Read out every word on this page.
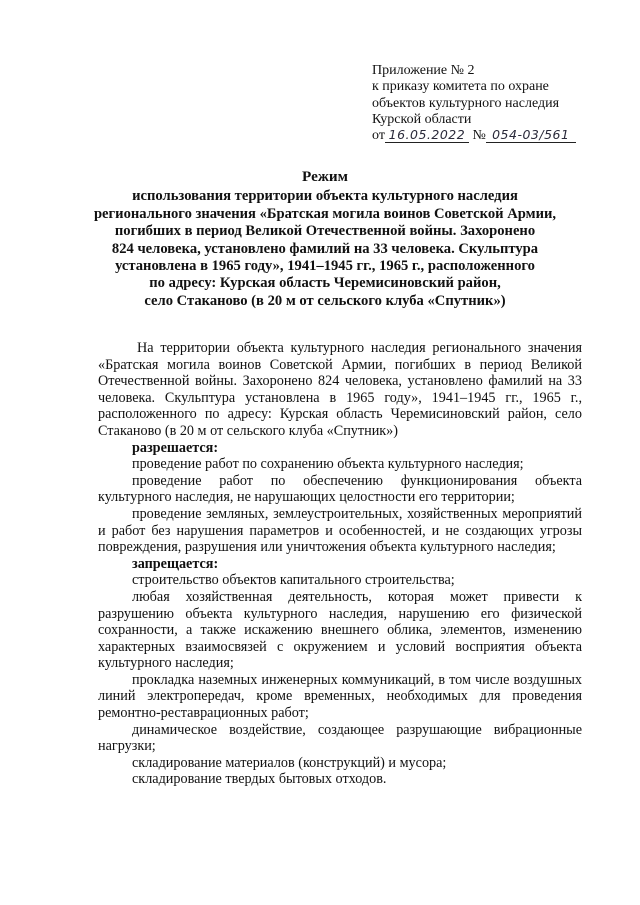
Приложение № 2
к приказу комитета по охране
объектов культурного наследия
Курской области
от 16.05.2022 № 054-03/561
Режим
использования территории объекта культурного наследия
регионального значения «Братская могила воинов Советской Армии,
погибших в период Великой Отечественной войны. Захоронено
824 человека, установлено фамилий на 33 человека. Скульптура
установлена в 1965 году», 1941–1945 гг., 1965 г., расположенного
по адресу: Курская область Черемисиновский район,
село Стаканово (в 20 м от сельского клуба «Спутник»)

На территории объекта культурного наследия регионального значения «Братская могила воинов Советской Армии, погибших в период Великой Отечественной войны. Захоронено 824 человека, установлено фамилий на 33 человека. Скульптура установлена в 1965 году», 1941–1945 гг., 1965 г., расположенного по адресу: Курская область Черемисиновский район, село Стаканово (в 20 м от сельского клуба «Спутник»)

разрешается:

проведение работ по сохранению объекта культурного наследия;

проведение работ по обеспечению функционирования объекта культурного наследия, не нарушающих целостности его территории;

проведение земляных, землеустроительных, хозяйственных мероприятий и работ без нарушения параметров и особенностей, и не создающих угрозы повреждения, разрушения или уничтожения объекта культурного наследия;

запрещается:

строительство объектов капитального строительства;

любая хозяйственная деятельность, которая может привести к разрушению объекта культурного наследия, нарушению его физической сохранности, а также искажению внешнего облика, элементов, изменению характерных взаимосвязей с окружением и условий восприятия объекта культурного наследия;

прокладка наземных инженерных коммуникаций, в том числе воздушных линий электропередач, кроме временных, необходимых для проведения ремонтно-реставрационных работ;

динамическое воздействие, создающее разрушающие вибрационные нагрузки;

складирование материалов (конструкций) и мусора;

складирование твердых бытовых отходов.
